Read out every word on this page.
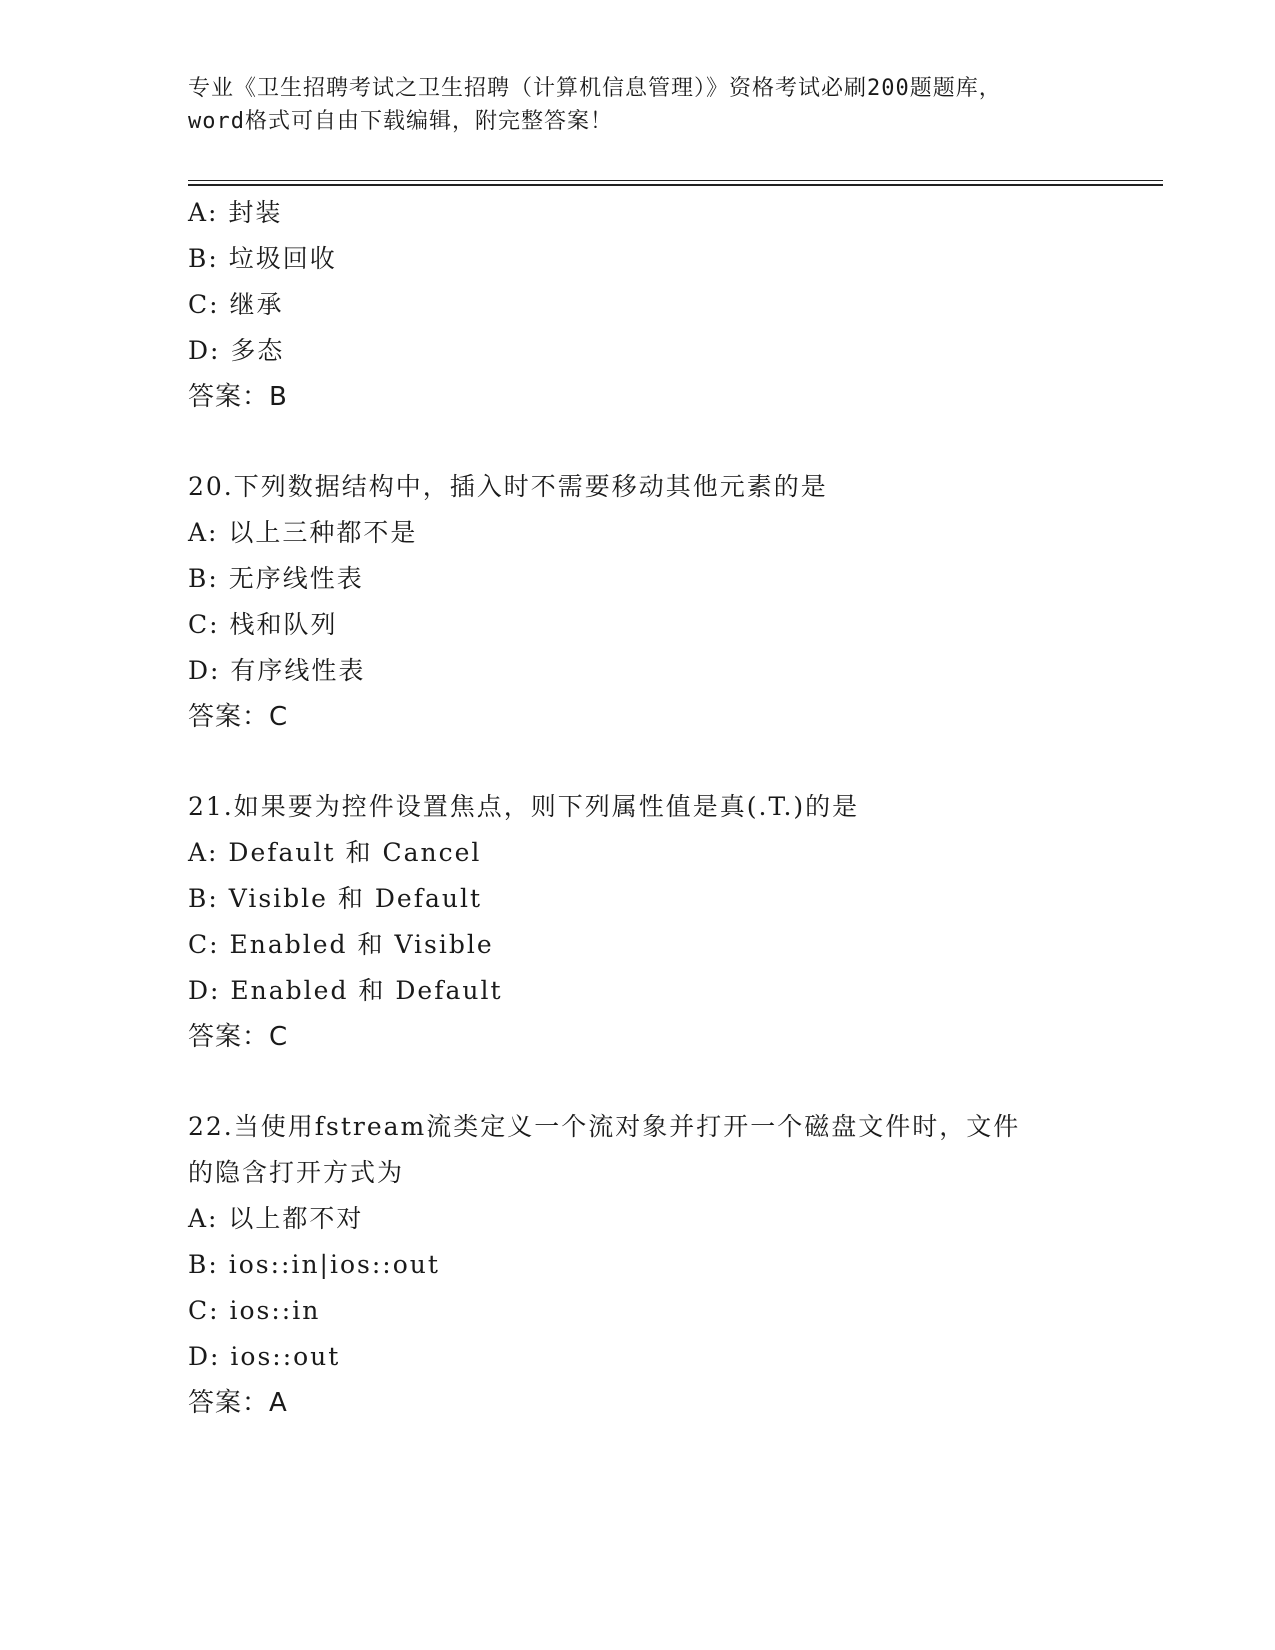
专业《卫生招聘考试之卫生招聘（计算机信息管理）》资格考试必刷200题题库，
word格式可自由下载编辑，附完整答案！
A: 封装
B: 垃圾回收
C: 继承
D: 多态
答案：B
20.下列数据结构中，插入时不需要移动其他元素的是
A: 以上三种都不是
B: 无序线性表
C: 栈和队列
D: 有序线性表
答案：C
21.如果要为控件设置焦点，则下列属性值是真(.T.)的是
A: Default 和 Cancel
B: Visible 和 Default
C: Enabled 和 Visible
D: Enabled 和 Default
答案：C
22.当使用fstream流类定义一个流对象并打开一个磁盘文件时，文件
的隐含打开方式为
A: 以上都不对
B: ios::in|ios::out
C: ios::in
D: ios::out
答案：A
